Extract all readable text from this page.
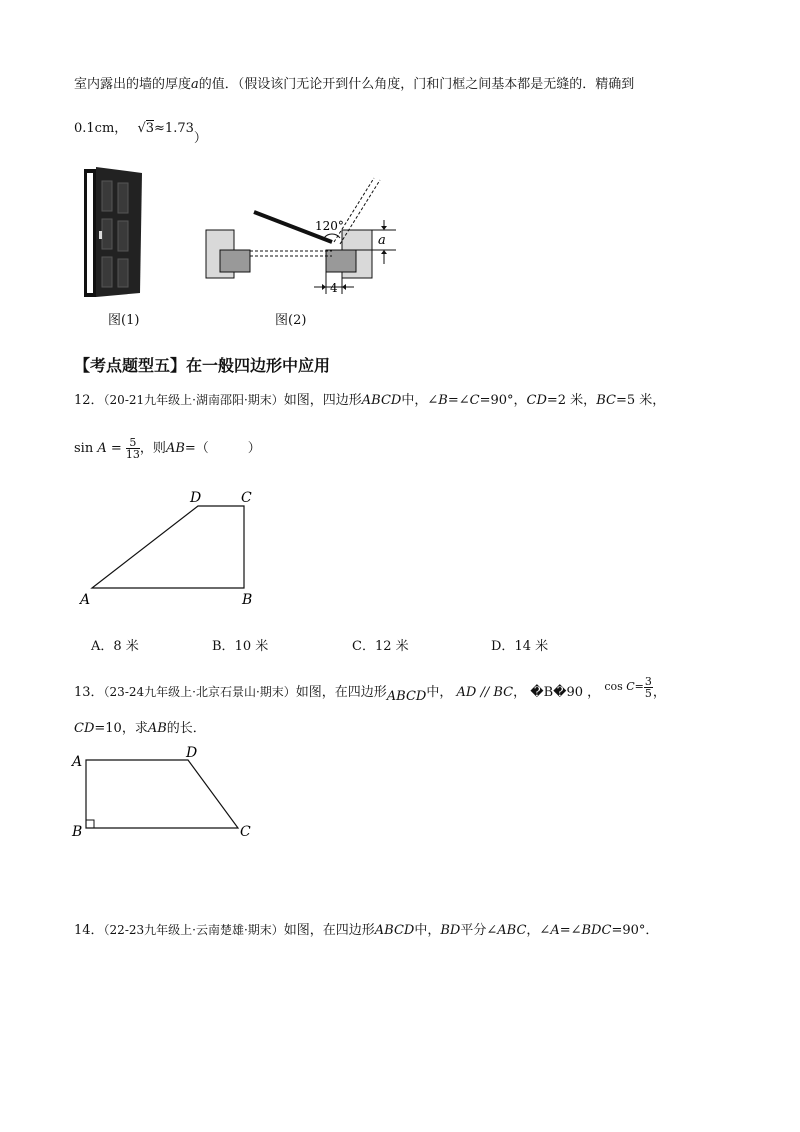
室内露出的墙的厚度a的值．（假设该门无论开到什么角度，门和门框之间基本都是无缝的．精确到
0.1cm， √3≈1.73）
图(1)
120°
a
4
图(2)
【考点题型五】在一般四边形中应用
12．（20-21九年级上·湖南邵阳·期末）如图，四边形ABCD中，∠B=∠C=90°，CD=2 米，BC=5 米，
$\sin A = \frac{5}{13}$ ，则AB=（　　　）
A	B
C
D
A．8 米	B．10 米	C．12 米	D．14 米
13．（23-24九年级上·北京石景山·期末）如图，在四边形ABCD中， AD // BC， �B�90 ， $^{cos C= \frac{3}{5}}$ ，
CD=10，求AB的长．
A
B	C
D
14．（22-23九年级上·云南楚雄·期末）如图，在四边形ABCD中，BD平分∠ABC，∠A=∠BDC=90°．
